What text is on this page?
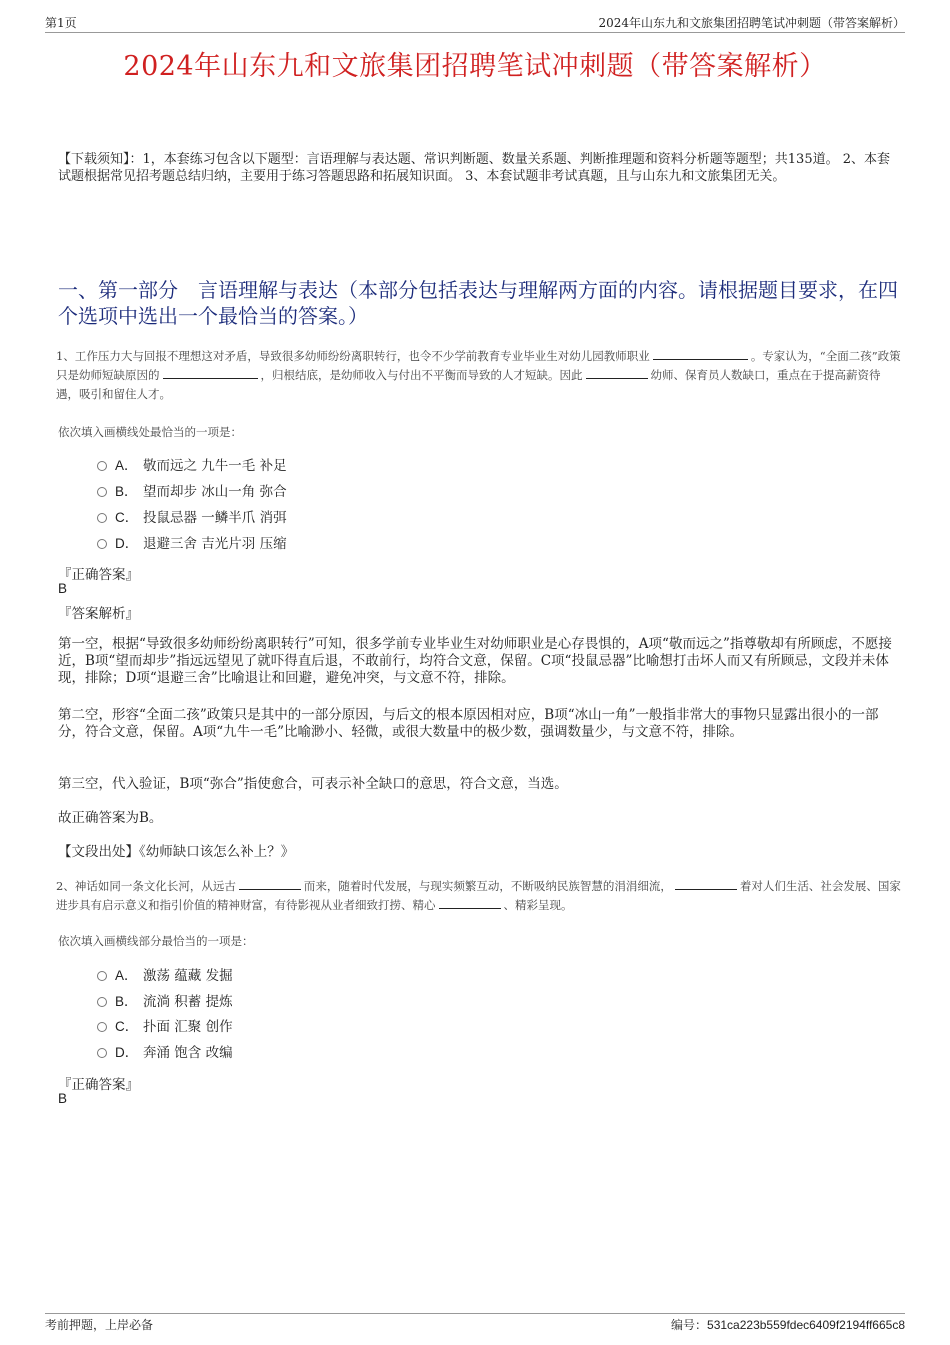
第1页	2024年山东九和文旅集团招聘笔试冲刺题（带答案解析）
2024年山东九和文旅集团招聘笔试冲刺题（带答案解析）
【下载须知】：1，本套练习包含以下题型：言语理解与表达题、常识判断题、数量关系题、判断推理题和资料分析题等题型；共135道。 2、本套试题根据常见招考题总结归纳，主要用于练习答题思路和拓展知识面。 3、本套试题非考试真题，且与山东九和文旅集团无关。
一、第一部分　言语理解与表达（本部分包括表达与理解两方面的内容。请根据题目要求，在四个选项中选出一个最恰当的答案。）
1、工作压力大与回报不理想这对矛盾，导致很多幼师纷纷离职转行，也令不少学前教育专业毕业生对幼儿园教师职业	。专家认为，“全面二孩”政策只是幼师短缺原因的	，归根结底，是幼师收入与付出不平衡而导致的人才短缺。因此	幼师、保育员人数缺口，重点在于提高薪资待遇，吸引和留住人才。
依次填入画横线处最恰当的一项是：
A． 敬而远之 九牛一毛 补足
B． 望而却步 冰山一角 弥合
C． 投鼠忌器 一鳞半爪 消弭
D． 退避三舍 吉光片羽 压缩
『正确答案』
B
『答案解析』
第一空，根据“导致很多幼师纷纷离职转行”可知，很多学前专业毕业生对幼师职业是心存畏惧的，A项“敬而远之”指尊敬却有所顾虑，不愿接近，B项“望而却步”指远远望见了就吓得直后退，不敢前行，均符合文意，保留。C项“投鼠忌器”比喻想打击坏人而又有所顾忌，文段并未体现，排除；D项“退避三舍”比喻退让和回避，避免冲突，与文意不符，排除。
第二空，形容“全面二孩”政策只是其中的一部分原因，与后文的根本原因相对应，B项“冰山一角”一般指非常大的事物只显露出很小的一部分，符合文意，保留。A项“九牛一毛”比喻渺小、轻微，或很大数量中的极少数，强调数量少，与文意不符，排除。
第三空，代入验证，B项“弥合”指使愈合，可表示补全缺口的意思，符合文意，当选。
故正确答案为B。
【文段出处】《幼师缺口该怎么补上？》
2、神话如同一条文化长河，从远古	而来，随着时代发展，与现实频繁互动，不断吸纳民族智慧的涓涓细流，	着对人们生活、社会发展、国家进步具有启示意义和指引价值的精神财富，有待影视从业者细致打捞、精心	、精彩呈现。
依次填入画横线部分最恰当的一项是：
A． 激荡 蕴藏 发掘
B． 流淌 积蓄 提炼
C． 扑面 汇聚 创作
D． 奔涌 饱含 改编
『正确答案』
B
考前押题，上岸必备	编号：531ca223b559fdec6409f2194ff665c8
